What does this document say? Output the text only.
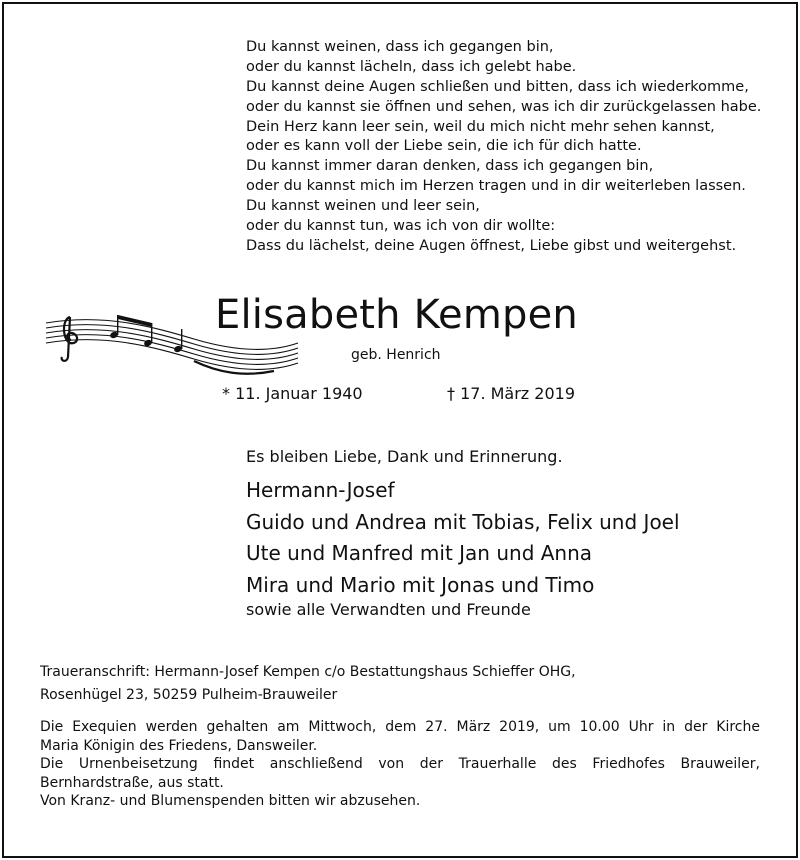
Du kannst weinen, dass ich gegangen bin,
oder du kannst lächeln, dass ich gelebt habe.
Du kannst deine Augen schließen und bitten, dass ich wiederkomme,
oder du kannst sie öffnen und sehen, was ich dir zurückgelassen habe.
Dein Herz kann leer sein, weil du mich nicht mehr sehen kannst,
oder es kann voll der Liebe sein, die ich für dich hatte.
Du kannst immer daran denken, dass ich gegangen bin,
oder du kannst mich im Herzen tragen und in dir weiterleben lassen.
Du kannst weinen und leer sein,
oder du kannst tun, was ich von dir wollte:
Dass du lächelst, deine Augen öffnest, Liebe gibst und weitergehst.
Elisabeth Kempen
geb. Henrich
* 11. Januar 1940	† 17. März 2019
Es bleiben Liebe, Dank und Erinnerung.
Hermann-Josef
Guido und Andrea mit Tobias, Felix und Joel
Ute und Manfred mit Jan und Anna
Mira und Mario mit Jonas und Timo
sowie alle Verwandten und Freunde
Traueranschrift: Hermann-Josef Kempen c/o Bestattungshaus Schieffer OHG,
Rosenhügel 23, 50259 Pulheim-Brauweiler
Die Exequien werden gehalten am Mittwoch, dem 27. März 2019, um 10.00 Uhr in der Kirche
Maria Königin des Friedens, Dansweiler.
Die Urnenbeisetzung findet anschließend von der Trauerhalle des Friedhofes Brauweiler,
Bernhardstraße, aus statt.
Von Kranz- und Blumenspenden bitten wir abzusehen.
